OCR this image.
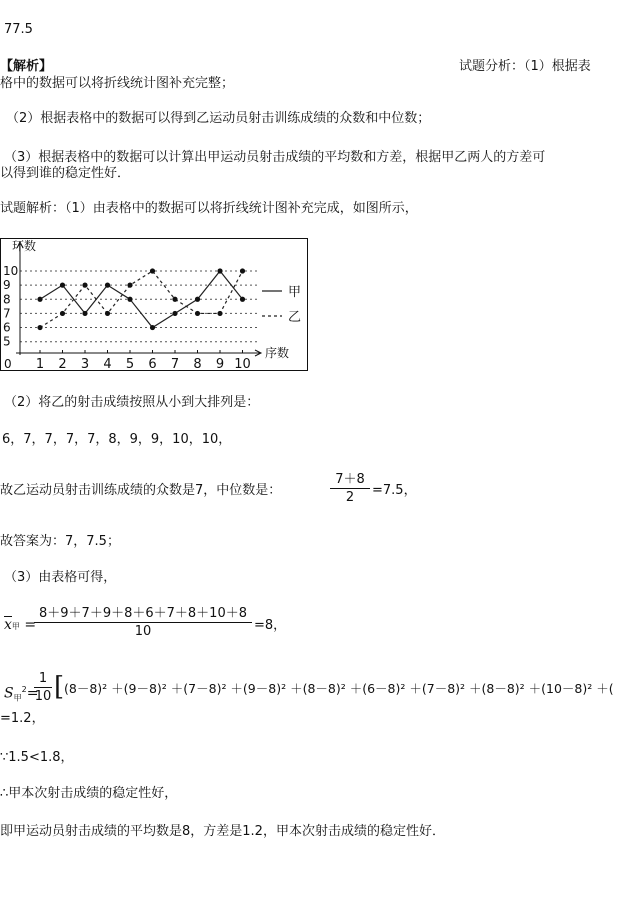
77.5
【解析】	试题分析：（1）根据表
格中的数据可以将折线统计图补充完整；
（2）根据表格中的数据可以得到乙运动员射击训练成绩的众数和中位数；
（3）根据表格中的数据可以计算出甲运动员射击成绩的平均数和方差，根据甲乙两人的方差可
以得到谁的稳定性好．
试题解析：（1）由表格中的数据可以将折线统计图补充完成，如图所示，
5
6
7
8
9
10
环数
序数
0 1 2 3 4 5 6 7 8 9 10
甲
乙
（2）将乙的射击成绩按照从小到大排列是：
6，7，7，7，7，8，9，9，10，10，
故乙运动员射击训练成绩的众数是7，中位数是：	$\frac{7+8}{2} =7.5$，
故答案为：7，7.5；
（3）由表格可得，
x甲 =
$\frac{8+9+7+9+8+6+7+8+10+8}{10} =8$，
$S_甲^2=$
$\frac{1}{10}$ [ (8－8)² ＋(9－8)² ＋(7－8)² ＋(9－8)² ＋(8－8)² ＋(6－8)² ＋(7－8)² ＋(8－8)² ＋(10－8)² ＋(
=1.2，
∵1.5<1.8，
∴甲本次射击成绩的稳定性好，
即甲运动员射击成绩的平均数是8，方差是1.2，甲本次射击成绩的稳定性好．
